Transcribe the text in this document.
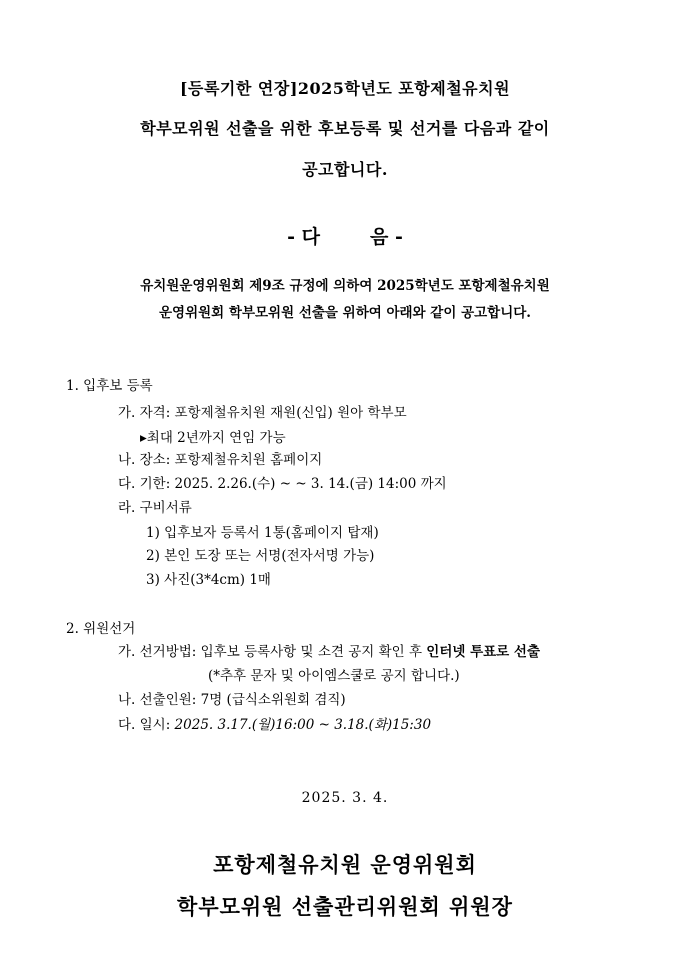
[등록기한 연장]2025학년도 포항제철유치원
학부모위원 선출을 위한 후보등록 및 선거를 다음과 같이
공고합니다.
- 다	음 -
유치원운영위원회 제9조 규정에 의하여 2025학년도 포항제철유치원
운영위원회 학부모위원 선출을 위하여 아래와 같이 공고합니다.
1. 입후보 등록
가. 자격: 포항제철유치원 재원(신입) 원아 학부모
▸최대 2년까지 연임 가능
나. 장소: 포항제철유치원 홈페이지
다. 기한: 2025. 2.26.(수) ~ ~ 3. 14.(금) 14:00 까지
라. 구비서류
1) 입후보자 등록서 1통(홈페이지 탑재)
2) 본인 도장 또는 서명(전자서명 가능)
3) 사진(3*4cm) 1매
2. 위원선거
가. 선거방법: 입후보 등록사항 및 소견 공지 확인 후 인터넷 투표로 선출
(*추후 문자 및 아이엠스쿨로 공지 합니다.)
나. 선출인원: 7명 (급식소위원회 겸직)
다. 일시: 2025. 3.17.(월)16:00 ~ 3.18.(화)15:30
2025. 3. 4.
포항제철유치원 운영위원회
학부모위원 선출관리위원회 위원장
